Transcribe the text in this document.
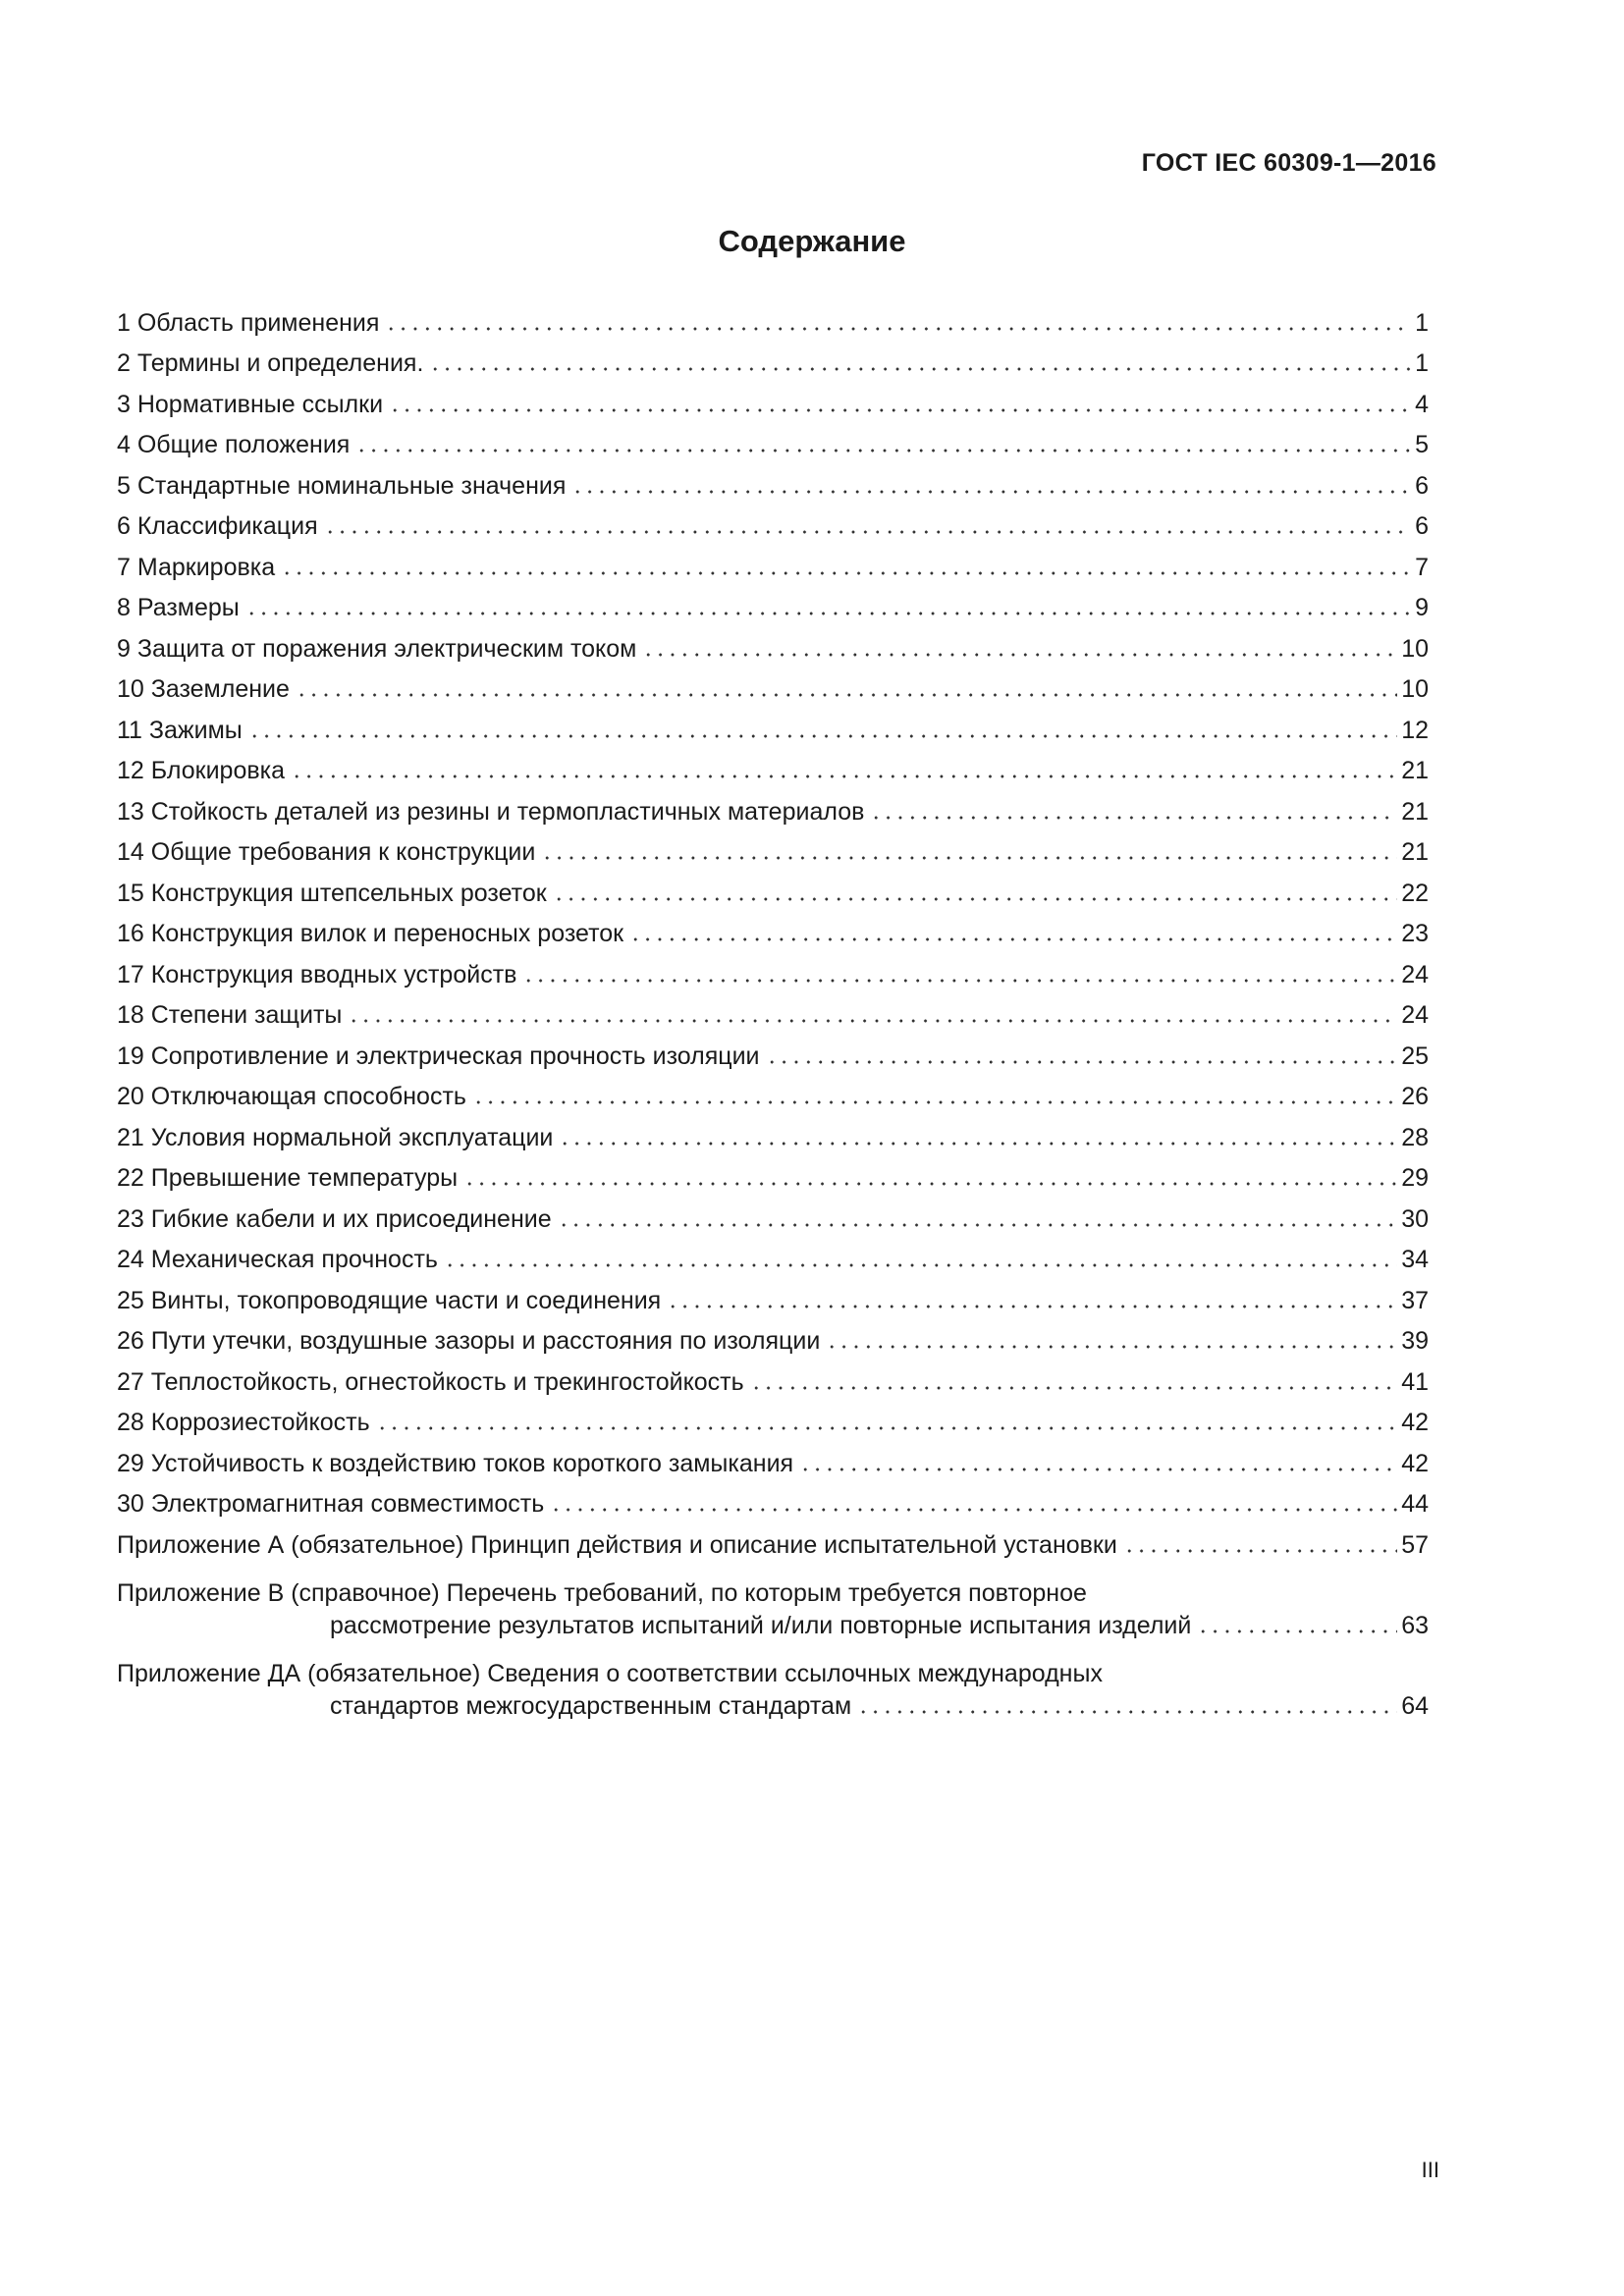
ГОСТ IEC 60309-1—2016
Содержание
1 Область применения	1
2 Термины и определения.	1
3 Нормативные ссылки	4
4 Общие положения	5
5 Стандартные номинальные значения	6
6 Классификация	6
7 Маркировка	7
8 Размеры	9
9 Защита от поражения электрическим током	10
10 Заземление	10
11 Зажимы	12
12 Блокировка	21
13 Стойкость деталей из резины и термопластичных материалов	21
14 Общие требования к конструкции	21
15 Конструкция штепсельных розеток	22
16 Конструкция вилок и переносных розеток	23
17 Конструкция вводных устройств	24
18 Степени защиты	24
19 Сопротивление и электрическая прочность изоляции	25
20 Отключающая способность	26
21 Условия нормальной эксплуатации	28
22 Превышение температуры	29
23 Гибкие кабели и их присоединение	30
24 Механическая прочность	34
25 Винты, токопроводящие части и соединения	37
26 Пути утечки, воздушные зазоры и расстояния по изоляции	39
27 Теплостойкость, огнестойкость и трекингостойкость	41
28 Коррозиестойкость	42
29 Устойчивость к воздействию токов короткого замыкания	42
30 Электромагнитная совместимость	44
Приложение А (обязательное) Принцип действия и описание испытательной установки	57
Приложение В (справочное) Перечень требований, по которым требуется повторное
рассмотрение результатов испытаний и/или повторные испытания изделий	63
Приложение ДА (обязательное) Сведения о соответствии ссылочных международных
стандартов межгосударственным стандартам	64
III
